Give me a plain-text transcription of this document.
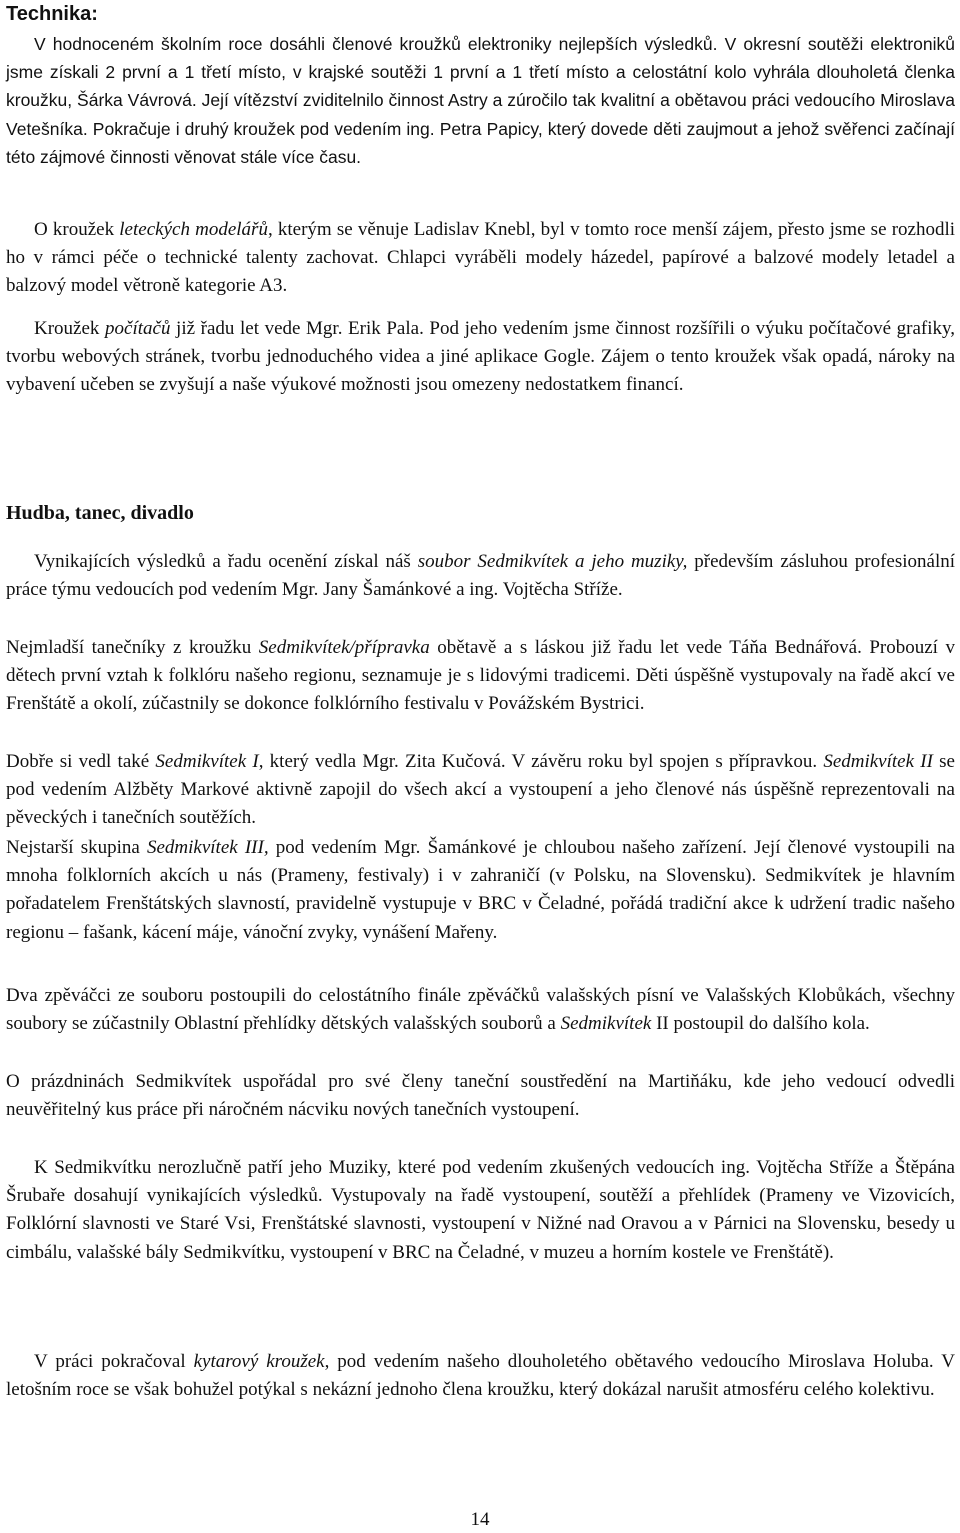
Technika:

V hodnoceném školním roce dosáhli členové kroužků elektroniky nejlepších výsledků. V okresní soutěži elektroniků jsme získali 2 první a 1 třetí místo, v krajské soutěži 1 první a 1 třetí místo a celostátní kolo vyhrála dlouholetá členka kroužku, Šárka Vávrová. Její vítězství zviditelnilo činnost Astry a zúročilo tak kvalitní a obětavou práci vedoucího Miroslava Vetešníka. Pokračuje i druhý kroužek pod vedením ing. Petra Papicy, který dovede děti zaujmout a jehož svěřenci začínají této zájmové činnosti věnovat stále více času.

O kroužek leteckých modelářů, kterým se věnuje Ladislav Knebl, byl v tomto roce menší zájem, přesto jsme se rozhodli ho v rámci péče o technické talenty zachovat. Chlapci vyráběli modely házedel, papírové a balzové modely letadel a balzový model větroně kategorie A3.

Kroužek počítačů již řadu let vede Mgr. Erik Pala. Pod jeho vedením jsme činnost rozšířili o výuku počítačové grafiky, tvorbu webových stránek, tvorbu jednoduchého videa a jiné aplikace Gogle. Zájem o tento kroužek však opadá, nároky na vybavení učeben se zvyšují a naše výukové možnosti jsou omezeny nedostatkem financí.

Hudba, tanec, divadlo

Vynikajících výsledků a řadu ocenění získal náš soubor Sedmikvítek a jeho muziky, především zásluhou profesionální práce týmu vedoucích pod vedením Mgr. Jany Šamánkové a ing. Vojtěcha Stříže.

Nejmladší tanečníky z kroužku Sedmikvítek/přípravka obětavě a s láskou již řadu let vede Táňa Bednářová. Probouzí v dětech první vztah k folklóru našeho regionu, seznamuje je s lidovými tradicemi. Děti úspěšně vystupovaly na řadě akcí ve Frenštátě a okolí, zúčastnily se dokonce folklórního festivalu v Povážském Bystrici.

Dobře si vedl také Sedmikvítek I, který vedla Mgr. Zita Kučová. V závěru roku byl spojen s přípravkou. Sedmikvítek II se pod vedením Alžběty Markové aktivně zapojil do všech akcí a vystoupení a jeho členové nás úspěšně reprezentovali na pěveckých i tanečních soutěžích.

Nejstarší skupina Sedmikvítek III, pod vedením Mgr. Šamánkové je chloubou našeho zařízení. Její členové vystoupili na mnoha folklorních akcích u nás (Prameny, festivaly) i v zahraničí (v Polsku, na Slovensku). Sedmikvítek je hlavním pořadatelem Frenštátských slavností, pravidelně vystupuje v BRC v Čeladné, pořádá tradiční akce k udržení tradic našeho regionu – fašank, kácení máje, vánoční zvyky, vynášení Mařeny.

Dva zpěváčci ze souboru postoupili do celostátního finále zpěváčků valašských písní ve Valašských Klobůkách, všechny soubory se zúčastnily Oblastní přehlídky dětských valašských souborů a Sedmikvítek II postoupil do dalšího kola.

O prázdninách Sedmikvítek uspořádal pro své členy taneční soustředění na Martiňáku, kde jeho vedoucí odvedli neuvěřitelný kus práce při náročném nácviku nových tanečních vystoupení.

K Sedmikvítku nerozlučně patří jeho Muziky, které pod vedením zkušených vedoucích ing. Vojtěcha Stříže a Štěpána Šrubaře dosahují vynikajících výsledků. Vystupovaly na řadě vystoupení, soutěží a přehlídek (Prameny ve Vizovicích, Folklórní slavnosti ve Staré Vsi, Frenštátské slavnosti, vystoupení v Nižné nad Oravou a v Párnici na Slovensku, besedy u cimbálu, valašské bály Sedmikvítku, vystoupení v BRC na Čeladné, v muzeu a horním kostele ve Frenštátě).

V práci pokračoval kytarový kroužek, pod vedením našeho dlouholetého obětavého vedoucího Miroslava Holuba. V letošním roce se však bohužel potýkal s nekázní jednoho člena kroužku, který dokázal narušit atmosféru celého kolektivu.

14
